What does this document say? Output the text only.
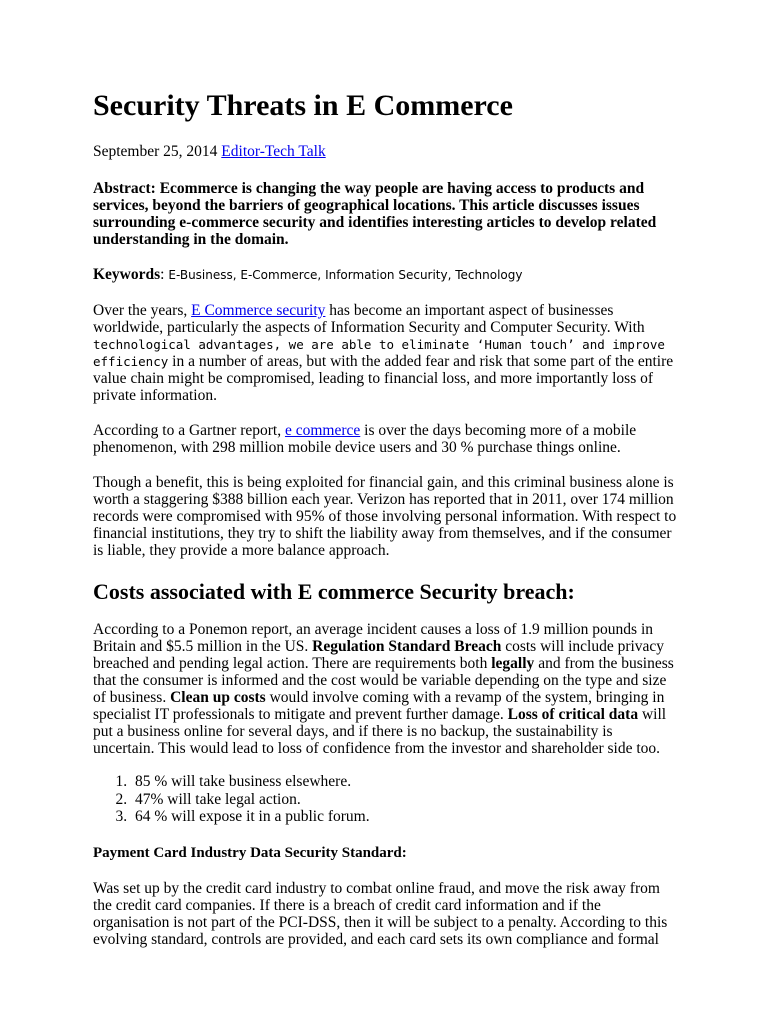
Security Threats in E Commerce
September 25, 2014 Editor-Tech Talk

Abstract: Ecommerce is changing the way people are having access to products and services, beyond the barriers of geographical locations. This article discusses issues surrounding e-commerce security and identifies interesting articles to develop related understanding in the domain.

Keywords: E-Business, E-Commerce, Information Security, Technology

Over the years, E Commerce security has become an important aspect of businesses worldwide, particularly the aspects of Information Security and Computer Security. With technological advantages, we are able to eliminate ‘Human touch’ and improve efficiency in a number of areas, but with the added fear and risk that some part of the entire value chain might be compromised, leading to financial loss, and more importantly loss of private information.

According to a Gartner report, e commerce is over the days becoming more of a mobile phenomenon, with 298 million mobile device users and 30 % purchase things online.

Though a benefit, this is being exploited for financial gain, and this criminal business alone is worth a staggering $388 billion each year. Verizon has reported that in 2011, over 174 million records were compromised with 95% of those involving personal information. With respect to financial institutions, they try to shift the liability away from themselves, and if the consumer is liable, they provide a more balance approach.

Costs associated with E commerce Security breach:

According to a Ponemon report, an average incident causes a loss of 1.9 million pounds in Britain and $5.5 million in the US. Regulation Standard Breach costs will include privacy breached and pending legal action. There are requirements both legally and from the business that the consumer is informed and the cost would be variable depending on the type and size of business. Clean up costs would involve coming with a revamp of the system, bringing in specialist IT professionals to mitigate and prevent further damage. Loss of critical data will put a business online for several days, and if there is no backup, the sustainability is uncertain. This would lead to loss of confidence from the investor and shareholder side too.

1. 85 % will take business elsewhere.
2. 47% will take legal action.
3. 64 % will expose it in a public forum.

Payment Card Industry Data Security Standard:

Was set up by the credit card industry to combat online fraud, and move the risk away from the credit card companies. If there is a breach of credit card information and if the organisation is not part of the PCI-DSS, then it will be subject to a penalty. According to this evolving standard, controls are provided, and each card sets its own compliance and formal
